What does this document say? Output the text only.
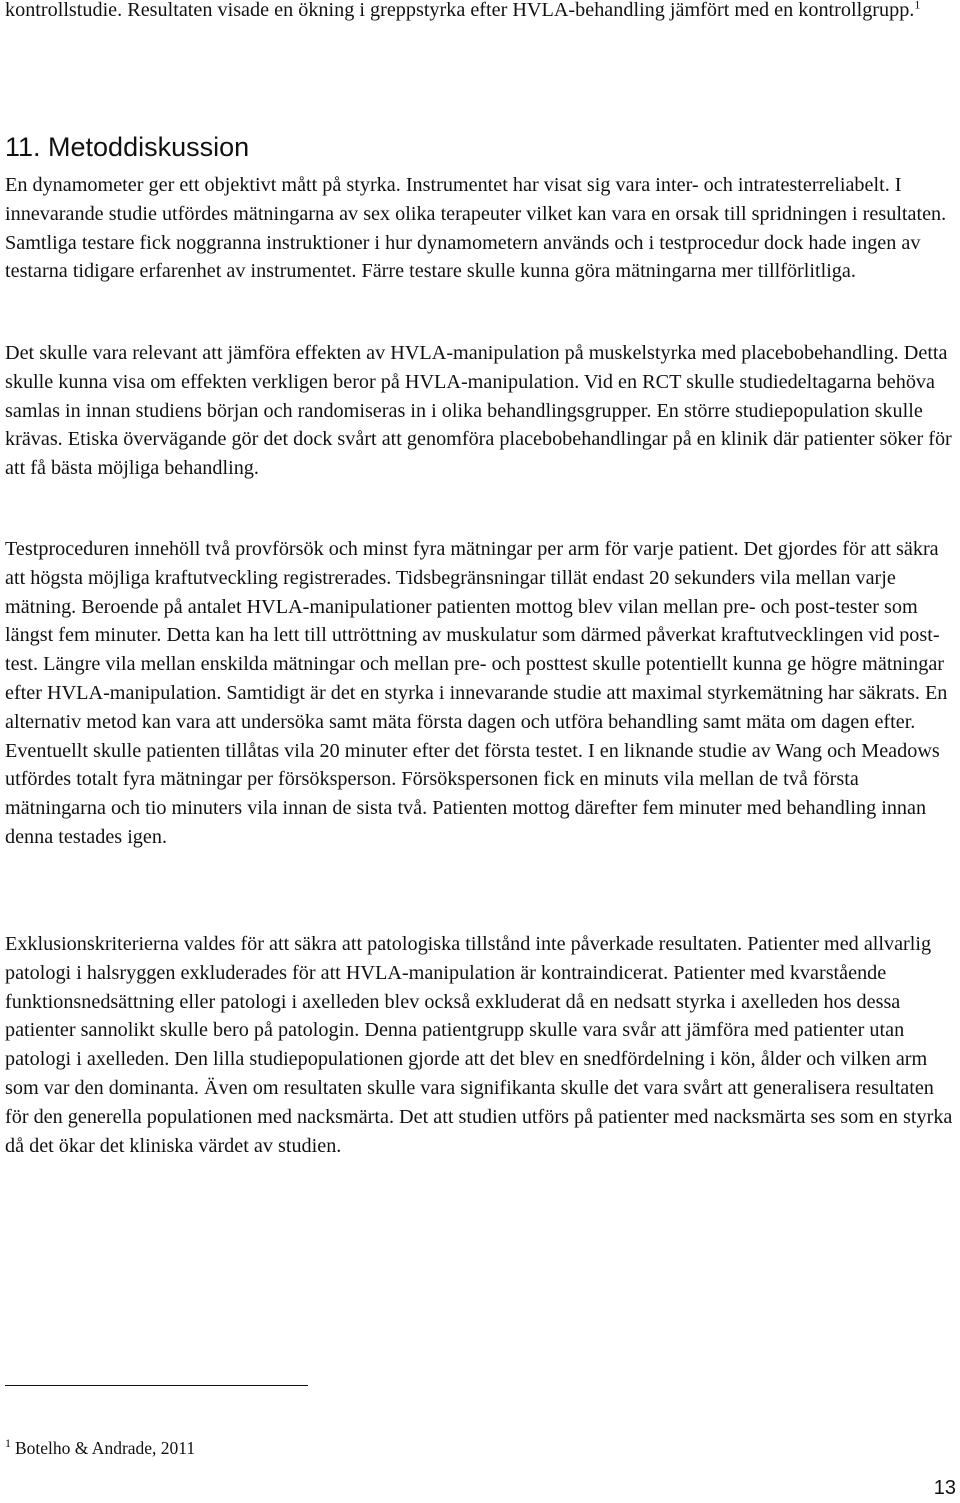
kontrollstudie. Resultaten visade en ökning i greppstyrka efter HVLA-behandling jämfört med en kontrollgrupp.$^1$

11. Metoddiskussion

En dynamometer ger ett objektivt mått på styrka. Instrumentet har visat sig vara inter- och intratesterreliabelt. I innevarande studie utfördes mätningarna av sex olika terapeuter vilket kan vara en orsak till spridningen i resultaten. Samtliga testare fick noggranna instruktioner i hur dynamometern används och i testprocedur dock hade ingen av testarna tidigare erfarenhet av instrumentet. Färre testare skulle kunna göra mätningarna mer tillförlitliga.

Det skulle vara relevant att jämföra effekten av HVLA-manipulation på muskelstyrka med placebobehandling. Detta skulle kunna visa om effekten verkligen beror på HVLA-manipulation. Vid en RCT skulle studiedeltagarna behöva samlas in innan studiens början och randomiseras in i olika behandlingsgrupper. En större studiepopulation skulle krävas. Etiska övervägande gör det dock svårt att genomföra placebobehandlingar på en klinik där patienter söker för att få bästa möjliga behandling.

Testproceduren innehöll två provförsök och minst fyra mätningar per arm för varje patient. Det gjordes för att säkra att högsta möjliga kraftutveckling registrerades. Tidsbegränsningar tillät endast 20 sekunders vila mellan varje mätning. Beroende på antalet HVLA-manipulationer patienten mottog blev vilan mellan pre- och post-tester som längst fem minuter. Detta kan ha lett till uttröttning av muskulatur som därmed påverkat kraftutvecklingen vid post-test. Längre vila mellan enskilda mätningar och mellan pre- och posttest skulle potentiellt kunna ge högre mätningar efter HVLA-manipulation. Samtidigt är det en styrka i innevarande studie att maximal styrkemätning har säkrats. En alternativ metod kan vara att undersöka samt mäta första dagen och utföra behandling samt mäta om dagen efter. Eventuellt skulle patienten tillåtas vila 20 minuter efter det första testet. I en liknande studie av Wang och Meadows utfördes totalt fyra mätningar per försöksperson. Försökspersonen fick en minuts vila mellan de två första mätningarna och tio minuters vila innan de sista två. Patienten mottog därefter fem minuter med behandling innan denna testades igen.

Exklusionskriterierna valdes för att säkra att patologiska tillstånd inte påverkade resultaten. Patienter med allvarlig patologi i halsryggen exkluderades för att HVLA-manipulation är kontraindicerat. Patienter med kvarstående funktionsnedsättning eller patologi i axelleden blev också exkluderat då en nedsatt styrka i axelleden hos dessa patienter sannolikt skulle bero på patologin. Denna patientgrupp skulle vara svår att jämföra med patienter utan patologi i axelleden. Den lilla studiepopulationen gjorde att det blev en snedfördelning i kön, ålder och vilken arm som var den dominanta. Även om resultaten skulle vara signifikanta skulle det vara svårt att generalisera resultaten för den generella populationen med nacksmärta. Det att studien utförs på patienter med nacksmärta ses som en styrka då det ökar det kliniska värdet av studien.

$^1$ Botelho & Andrade, 2011

13
